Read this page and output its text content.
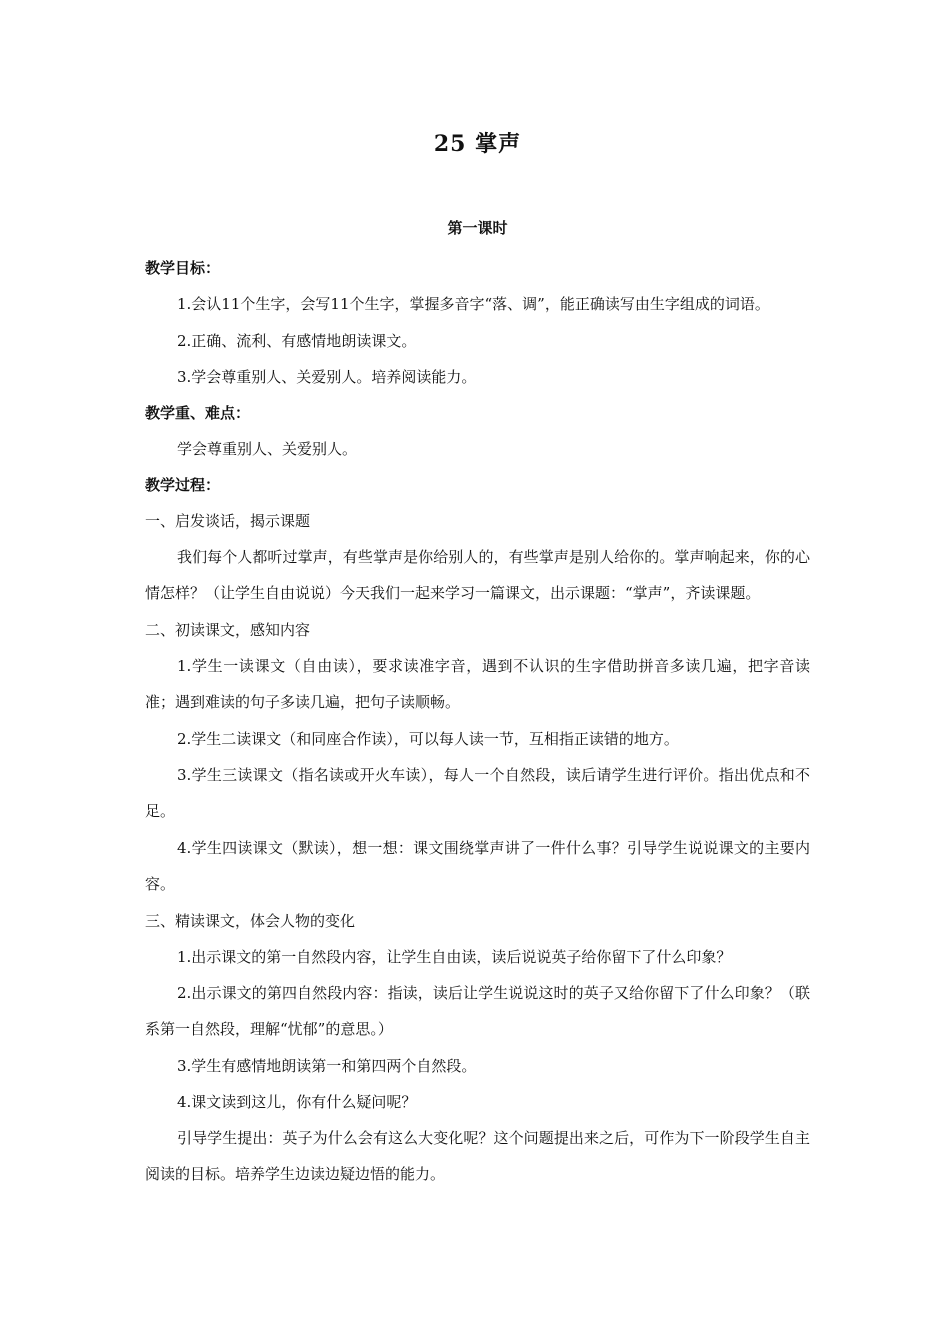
25 掌声
第一课时
教学目标：
1.会认11个生字，会写11个生字，掌握多音字“落、调”，能正确读写由生字组成的词语。
2.正确、流利、有感情地朗读课文。
3.学会尊重别人、关爱别人。培养阅读能力。
教学重、难点：
学会尊重别人、关爱别人。
教学过程：
一、启发谈话，揭示课题
我们每个人都听过掌声，有些掌声是你给别人的，有些掌声是别人给你的。掌声响起来，你的心情怎样？（让学生自由说说）今天我们一起来学习一篇课文，出示课题：“掌声”，齐读课题。
二、初读课文，感知内容
1.学生一读课文（自由读），要求读准字音，遇到不认识的生字借助拼音多读几遍，把字音读准；遇到难读的句子多读几遍，把句子读顺畅。
2.学生二读课文（和同座合作读），可以每人读一节，互相指正读错的地方。
3.学生三读课文（指名读或开火车读），每人一个自然段，读后请学生进行评价。指出优点和不足。
4.学生四读课文（默读），想一想：课文围绕掌声讲了一件什么事？引导学生说说课文的主要内容。
三、精读课文，体会人物的变化
1.出示课文的第一自然段内容，让学生自由读，读后说说英子给你留下了什么印象？
2.出示课文的第四自然段内容：指读，读后让学生说说这时的英子又给你留下了什么印象？（联系第一自然段，理解“忧郁”的意思。）
3.学生有感情地朗读第一和第四两个自然段。
4.课文读到这儿，你有什么疑问呢？
引导学生提出：英子为什么会有这么大变化呢？这个问题提出来之后，可作为下一阶段学生自主阅读的目标。培养学生边读边疑边悟的能力。
